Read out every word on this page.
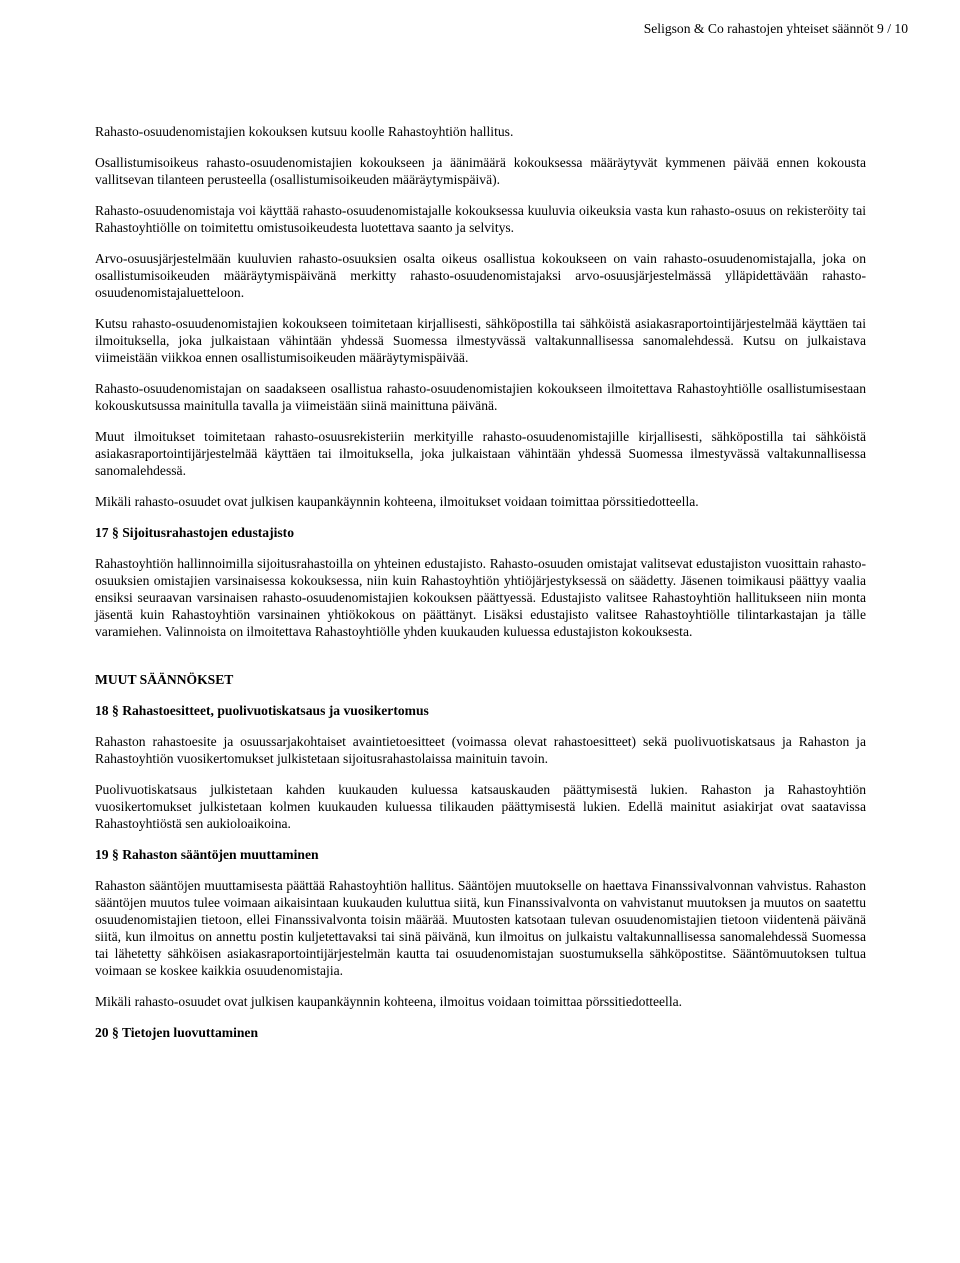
Seligson & Co rahastojen yhteiset säännöt 9 / 10

Rahasto-osuudenomistajien kokouksen kutsuu koolle Rahastoyhtiön hallitus.

Osallistumisoikeus rahasto-osuudenomistajien kokoukseen ja äänimäärä kokouksessa määräytyvät kymmenen päivää ennen kokousta vallitsevan tilanteen perusteella (osallistumisoikeuden määräytymispäivä).

Rahasto-osuudenomistaja voi käyttää rahasto-osuudenomistajalle kokouksessa kuuluvia oikeuksia vasta kun rahasto-osuus on rekisteröity tai Rahastoyhtiölle on toimitettu omistusoikeudesta luotettava saanto ja selvitys.

Arvo-osuusjärjestelmään kuuluvien rahasto-osuuksien osalta oikeus osallistua kokoukseen on vain rahasto-osuudenomistajalla, joka on osallistumisoikeuden määräytymispäivänä merkitty rahasto-osuudenomistajaksi arvo-osuusjärjestelmässä ylläpidettävään rahasto-osuudenomistajaluetteloon.

Kutsu rahasto-osuudenomistajien kokoukseen toimitetaan kirjallisesti, sähköpostilla tai sähköistä asiakasraportointijärjestelmää käyttäen tai ilmoituksella, joka julkaistaan vähintään yhdessä Suomessa ilmestyvässä valtakunnallisessa sanomalehdessä. Kutsu on julkaistava viimeistään viikkoa ennen osallistumisoikeuden määräytymispäivää.

Rahasto-osuudenomistajan on saadakseen osallistua rahasto-osuudenomistajien kokoukseen ilmoitettava Rahastoyhtiölle osallistumisestaan kokouskutsussa mainitulla tavalla ja viimeistään siinä mainittuna päivänä.

Muut ilmoitukset toimitetaan rahasto-osuusrekisteriin merkityille rahasto-osuudenomistajille kirjallisesti, sähköpostilla tai sähköistä asiakasraportointijärjestelmää käyttäen tai ilmoituksella, joka julkaistaan vähintään yhdessä Suomessa ilmestyvässä valtakunnallisessa sanomalehdessä.

Mikäli rahasto-osuudet ovat julkisen kaupankäynnin kohteena, ilmoitukset voidaan toimittaa pörssitiedotteella.

17 § Sijoitusrahastojen edustajisto

Rahastoyhtiön hallinnoimilla sijoitusrahastoilla on yhteinen edustajisto. Rahasto-osuuden omistajat valitsevat edustajiston vuosittain rahasto-osuuksien omistajien varsinaisessa kokouksessa, niin kuin Rahastoyhtiön yhtiöjärjestyksessä on säädetty. Jäsenen toimikausi päättyy vaalia ensiksi seuraavan varsinaisen rahasto-osuudenomistajien kokouksen päättyessä. Edustajisto valitsee Rahastoyhtiön hallitukseen niin monta jäsentä kuin Rahastoyhtiön varsinainen yhtiökokous on päättänyt. Lisäksi edustajisto valitsee Rahastoyhtiölle tilintarkastajan ja tälle varamiehen. Valinnoista on ilmoitettava Rahastoyhtiölle yhden kuukauden kuluessa edustajiston kokouksesta.

MUUT SÄÄNNÖKSET

18 § Rahastoesitteet, puolivuotiskatsaus ja vuosikertomus

Rahaston rahastoesite ja osuussarjakohtaiset avaintietoesitteet (voimassa olevat rahastoesitteet) sekä puolivuotiskatsaus ja Rahaston ja Rahastoyhtiön vuosikertomukset julkistetaan sijoitusrahastolaissa mainituin tavoin.

Puolivuotiskatsaus julkistetaan kahden kuukauden kuluessa katsauskauden päättymisestä lukien. Rahaston ja Rahastoyhtiön vuosikertomukset julkistetaan kolmen kuukauden kuluessa tilikauden päättymisestä lukien. Edellä mainitut asiakirjat ovat saatavissa Rahastoyhtiöstä sen aukioloaikoina.

19 § Rahaston sääntöjen muuttaminen

Rahaston sääntöjen muuttamisesta päättää Rahastoyhtiön hallitus. Sääntöjen muutokselle on haettava Finanssivalvonnan vahvistus. Rahaston sääntöjen muutos tulee voimaan aikaisintaan kuukauden kuluttua siitä, kun Finanssivalvonta on vahvistanut muutoksen ja muutos on saatettu osuudenomistajien tietoon, ellei Finanssivalvonta toisin määrää. Muutosten katsotaan tulevan osuudenomistajien tietoon viidentenä päivänä siitä, kun ilmoitus on annettu postin kuljetettavaksi tai sinä päivänä, kun ilmoitus on julkaistu valtakunnallisessa sanomalehdessä Suomessa tai lähetetty sähköisen asiakasraportointijärjestelmän kautta tai osuudenomistajan suostumuksella sähköpostitse. Sääntömuutoksen tultua voimaan se koskee kaikkia osuudenomistajia.

Mikäli rahasto-osuudet ovat julkisen kaupankäynnin kohteena, ilmoitus voidaan toimittaa pörssitiedotteella.

20 § Tietojen luovuttaminen
